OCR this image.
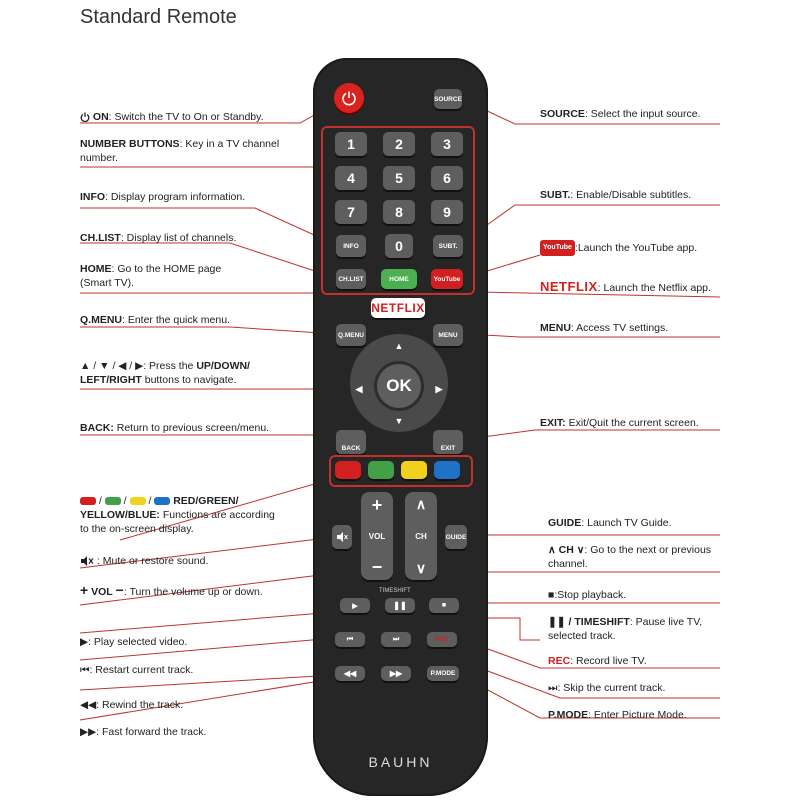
Standard Remote
SOURCE
1	2	3
4	5	6
7	8	9
INFO	0	SUBT.
CH.LIST	HOME	YouTube
NETFLIX
Q.MENU	MENU
▲
▼
◀	▶
OK
BACK	EXIT
+
VOL
−
∧
CH
∨
GUIDE
TIMESHIFT
▶	❚❚	■
⏮	⏭	REC
◀◀	▶▶	P.MODE
BAUHN
ON: Switch the TV to On or Standby.
NUMBER BUTTONS: Key in a TV channel number.
INFO: Display program information.
CH.LIST: Display list of channels.
HOME: Go to the HOME page (Smart TV).
Q.MENU: Enter the quick menu.
▲ / ▼ / ◀ / ▶: Press the UP/DOWN/ LEFT/RIGHT buttons to navigate.
BACK: Return to previous screen/menu.
/  /  /  RED/GREEN/
YELLOW/BLUE: Functions are according to the on-screen display.
: Mute or restore sound.
+ VOL −: Turn the volume up or down.
▶: Play selected video.
⏮: Restart current track.
◀◀: Rewind the track.
▶▶: Fast forward the track.
SOURCE: Select the input source.
SUBT.: Enable/Disable subtitles.
YouTube :Launch the YouTube app.
NETFLIX: Launch the Netflix app.
MENU: Access TV settings.
EXIT: Exit/Quit the current screen.
GUIDE: Launch TV Guide.
∧ CH ∨: Go to the next or previous channel.
■:Stop playback.
❚❚ / TIMESHIFT: Pause live TV, selected track.
REC: Record live TV.
⏭: Skip the current track.
P.MODE: Enter Picture Mode.
